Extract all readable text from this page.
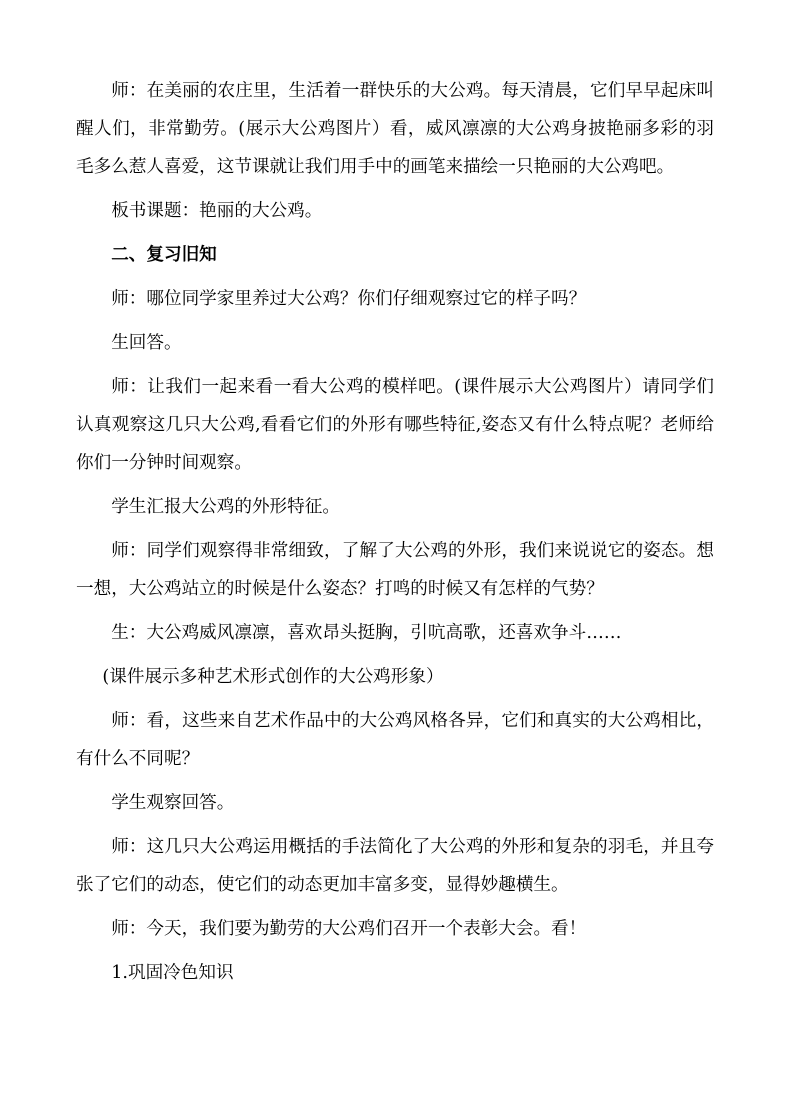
师：在美丽的农庄里，生活着一群快乐的大公鸡。每天清晨，它们早早起床叫醒人们，非常勤劳。(展示大公鸡图片）看，威风凛凛的大公鸡身披艳丽多彩的羽毛多么惹人喜爱，这节课就让我们用手中的画笔来描绘一只艳丽的大公鸡吧。

板书课题：艳丽的大公鸡。

二、复习旧知

师：哪位同学家里养过大公鸡？你们仔细观察过它的样子吗？

生回答。

师：让我们一起来看一看大公鸡的模样吧。(课件展示大公鸡图片）请同学们认真观察这几只大公鸡,看看它们的外形有哪些特征,姿态又有什么特点呢？老师给你们一分钟时间观察。

学生汇报大公鸡的外形特征。

师：同学们观察得非常细致，了解了大公鸡的外形，我们来说说它的姿态。想一想，大公鸡站立的时候是什么姿态？打鸣的时候又有怎样的气势？

生：大公鸡威风凛凛，喜欢昂头挺胸，引吭高歌，还喜欢争斗……

(课件展示多种艺术形式创作的大公鸡形象）

师：看，这些来自艺术作品中的大公鸡风格各异，它们和真实的大公鸡相比，有什么不同呢？

学生观察回答。

师：这几只大公鸡运用概括的手法简化了大公鸡的外形和复杂的羽毛，并且夸张了它们的动态，使它们的动态更加丰富多变，显得妙趣横生。

师：今天，我们要为勤劳的大公鸡们召开一个表彰大会。看！

1.巩固冷色知识
